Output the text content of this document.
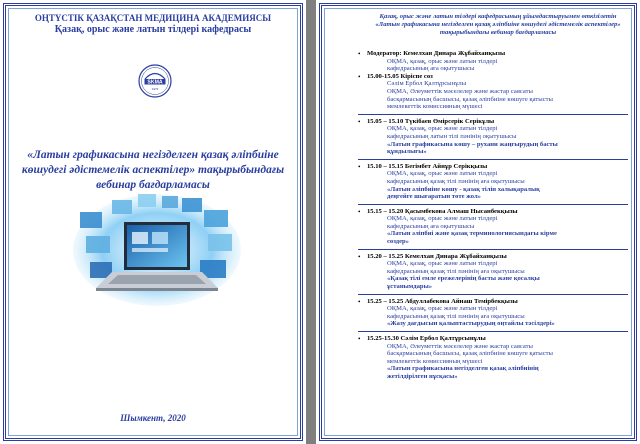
ОҢТҮСТІК ҚАЗАҚСТАН МЕДИЦИНА АКАДЕМИЯСЫ
Қазақ, орыс және латын тілдері кафедрасы
SKMA
1979
«Латын графикасына негізделген қазақ әліпбиіне көшудегі әдістемелік аспектілер» тақырыбындағы вебинар бағдарламасы
Шымкент, 2020
Қазақ, орыс және латын тілдері кафедрасының ұйымдастыруымен өткізілетін «Латын графикасына негізделген қазақ әліпбиіне көшудегі әдістемелік аспектілер» тақырыбындағы вебинар бағдарламасы
• Модератор: Кемелхан Динара Жұбайханқызы
ОҚМА, қазақ, орыс және латын тілдері
кафедрасының аға оқытушысы
• 15.00-15.05 Кіріспе сөз
Сәлім Ербол Қалтұрсынұлы
ОҚМА, Әлеуметтік мәселелер және жастар саясаты
басқармасының басшысы, қазақ әліпбиіне көшуге қатысты
мемлекеттік комиссияның мүшесі
• 15.05 – 15.10 Түкібаев Өмірсерік Серікұлы
ОҚМА, қазақ, орыс және латын тілдері
кафедрасының латын тілі пәнінің оқытушысы
«Латын графикасына көшу – рухани жаңғырудың басты
құндылығы»
• 15.10 – 15.15 Бегімбет Айнұр Серікқызы
ОҚМА, қазақ, орыс және латын тілдері
кафедрасының қазақ тілі пәнінің аға оқытушысы
«Латын әліпбиіне көшу - қазақ тілін халықаралық
деңгейге шығаратын төте жол»
• 15.15 – 15.20 Қасымбекова Алмаш Нысанбекқызы
ОҚМА, қазақ, орыс және латын тілдері
кафедрасының аға оқытушысы
«Латын әліпбиі және қазақ терминологиясындағы кірме
сөздер»
• 15.20 – 15.25 Кемелхан Динара Жұбайханқызы
ОҚМА, қазақ, орыс және латын тілдері
кафедрасының қазақ тілі пәнінің аға оқытушысы
«Қазақ тілі емле ережелерінің басты және қосалқы
ұстанымдары»
• 15.25 – 15.25 Абдуллабекова Айнаш Темірбекқызы
ОҚМА, қазақ, орыс және латын тілдері
кафедрасының қазақ тілі пәнінің аға оқытушысы
«Жазу дағдысын қалыптастырудың оңтайлы тәсілдері»
• 15.25-15.30 Сәлім Ербол Қалтұрсынұлы
ОҚМА, Әлеуметтік мәселелер және жастар саясаты
басқармасының басшысы, қазақ әліпбиіне көшуге қатысты
мемлекеттік комиссияның мүшесі
«Латын графикасына негізделген қазақ әліпбиінің
жетілдірілген нұсқасы»
